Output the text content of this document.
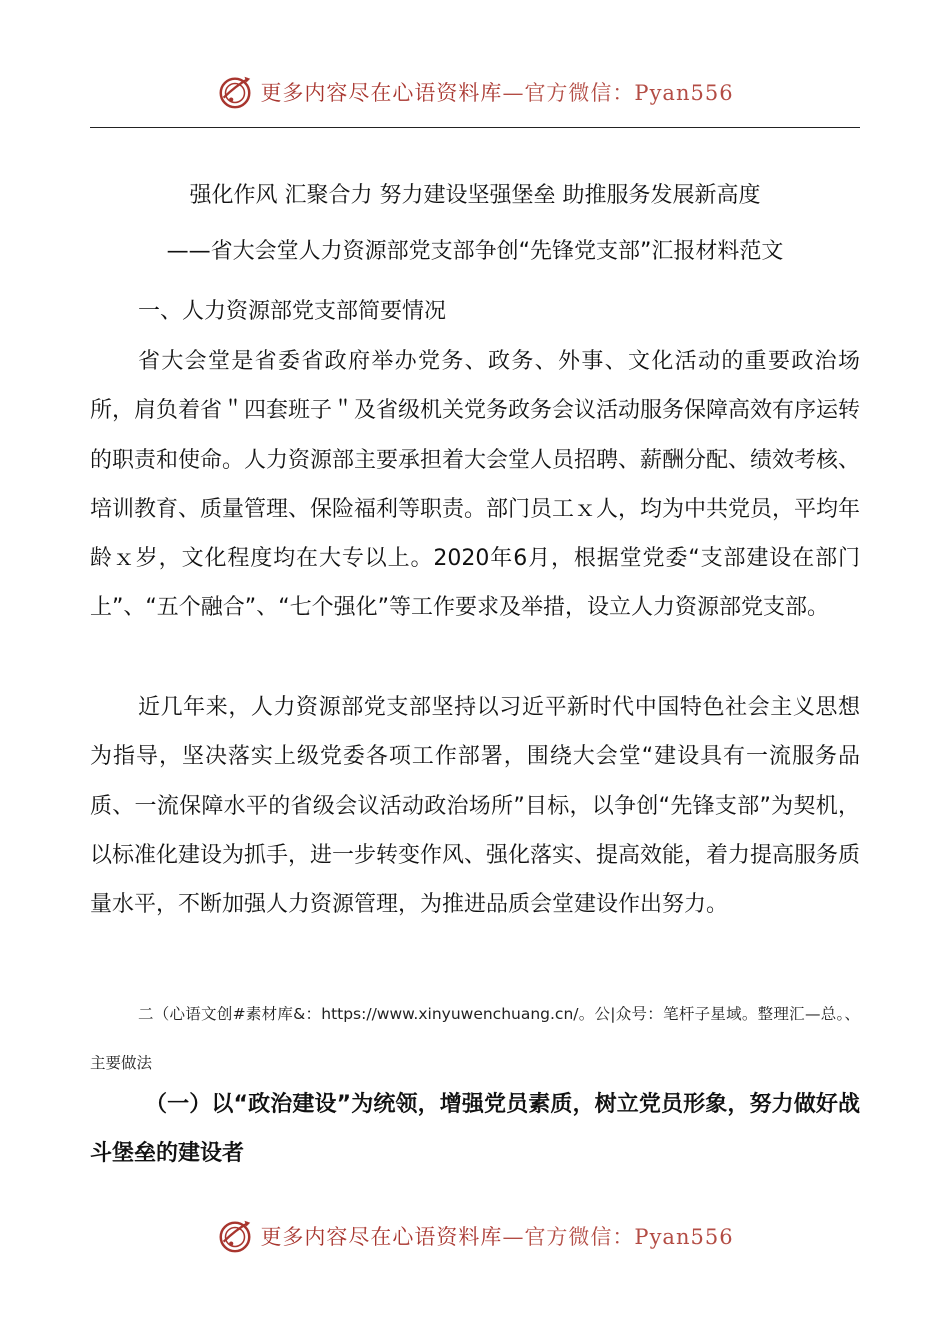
更多内容尽在心语资料库—官方微信：Pyan556
强化作风 汇聚合力 努力建设坚强堡垒 助推服务发展新高度
——省大会堂人力资源部党支部争创“先锋党支部”汇报材料范文
一、人力资源部党支部简要情况

省大会堂是省委省政府举办党务、政务、外事、文化活动的重要政治场所，肩负着省＂四套班子＂及省级机关党务政务会议活动服务保障高效有序运转的职责和使命。人力资源部主要承担着大会堂人员招聘、薪酬分配、绩效考核、培训教育、质量管理、保险福利等职责。部门员工ｘ人，均为中共党员，平均年龄ｘ岁，文化程度均在大专以上。2020年6月，根据堂党委“支部建设在部门上”、“五个融合”、“七个强化”等工作要求及举措，设立人力资源部党支部。

近几年来，人力资源部党支部坚持以习近平新时代中国特色社会主义思想为指导，坚决落实上级党委各项工作部署，围绕大会堂“建设具有一流服务品质、一流保障水平的省级会议活动政治场所”目标，以争创“先锋支部”为契机，以标准化建设为抓手，进一步转变作风、强化落实、提高效能，着力提高服务质量水平，不断加强人力资源管理，为推进品质会堂建设作出努力。

二（心语文创#素材库&：https://www.xinyuwenchuang.cn/。公|众号：笔杆子星域。整理汇—总。、主要做法

（一）以“政治建设”为统领，增强党员素质，树立党员形象，努力做好战斗堡垒的建设者

更多内容尽在心语资料库—官方微信：Pyan556
